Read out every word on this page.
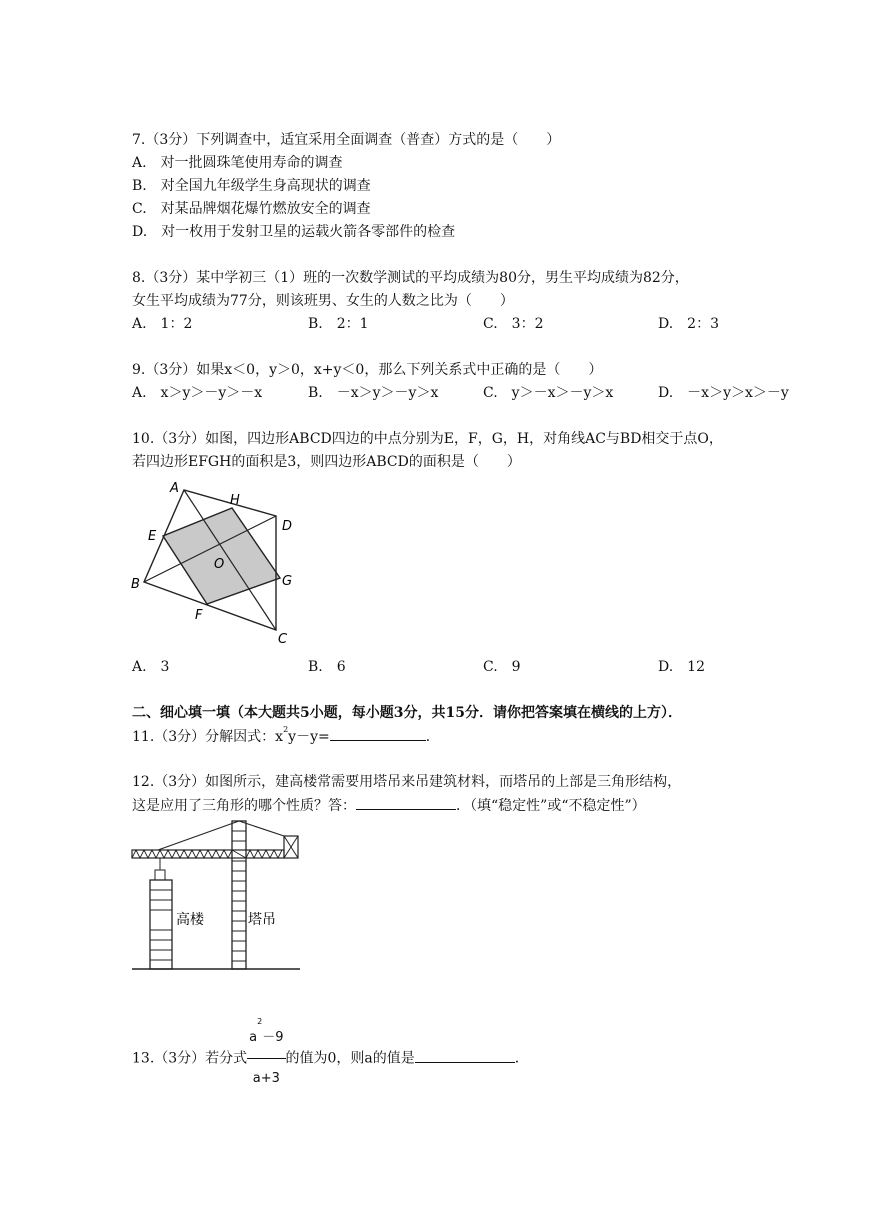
7.（3分）下列调查中，适宜采用全面调查（普查）方式的是（　　）
A.　对一批圆珠笔使用寿命的调查
B.　对全国九年级学生身高现状的调查
C.　对某品牌烟花爆竹燃放安全的调查
D.　对一枚用于发射卫星的运载火箭各零部件的检查
8.（3分）某中学初三（1）班的一次数学测试的平均成绩为80分，男生平均成绩为82分，
女生平均成绩为77分，则该班男、女生的人数之比为（　　）
A.　1：2	B.　2：1	C.　3：2	D.　2：3
9.（3分）如果x＜0，y＞0，x+y＜0，那么下列关系式中正确的是（　　）
A.　x＞y＞－y＞－x	B.　－x＞y＞－y＞x	C.　y＞－x＞－y＞x	D.　－x＞y＞x＞－y
10.（3分）如图，四边形ABCD四边的中点分别为E，F，G，H，对角线AC与BD相交于点O，
若四边形EFGH的面积是3，则四边形ABCD的面积是（　　）
A
H
D
E
O
G
B
F
C
A.　3	B.　6	C.　9	D.　12
二、细心填一填（本大题共5小题，每小题3分，共15分．请你把答案填在横线的上方）．
11.（3分）分解因式：$x^2y-y=$	．
12.（3分）如图所示，建高楼常需要用塔吊来吊建筑材料，而塔吊的上部是三角形结构，
这是应用了三角形的哪个性质？答：	．（填“稳定性”或“不稳定性”）
高楼	塔吊
13.（3分）若分式 $\frac{a^2-9}{a+3}$ 的值为0，则a的值是	．
